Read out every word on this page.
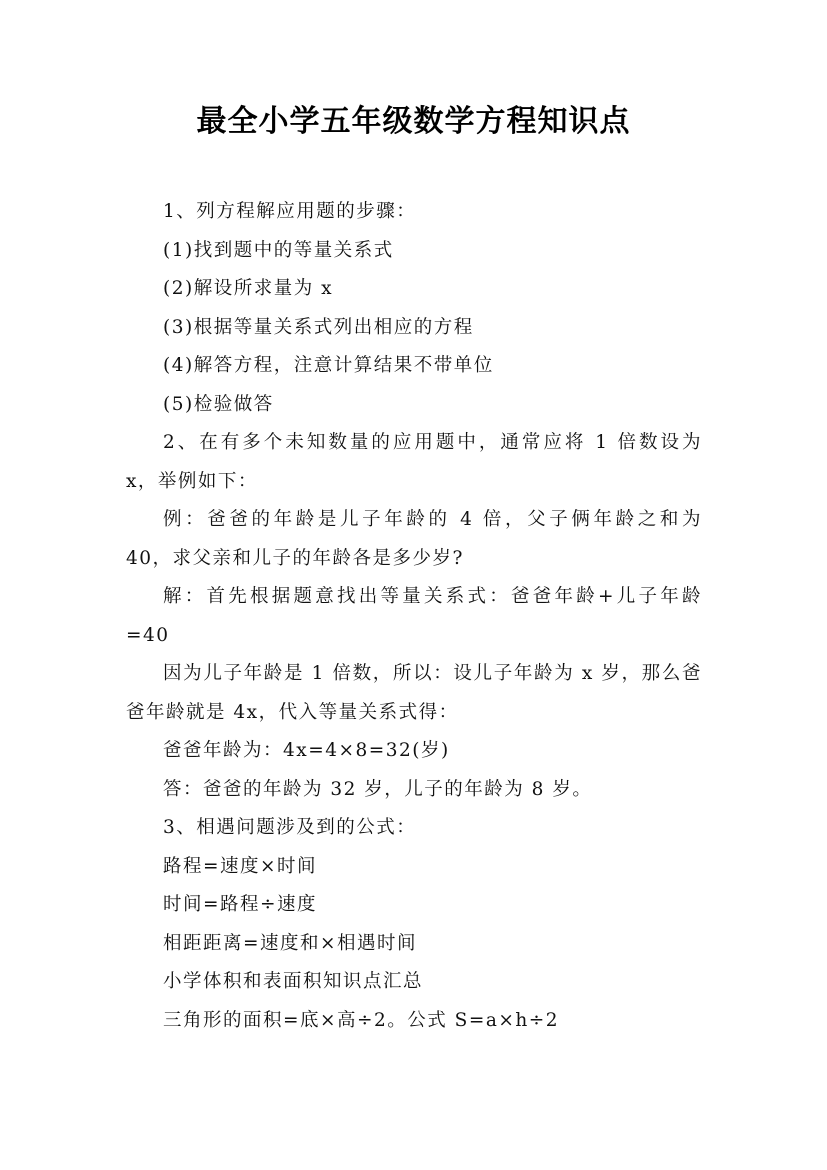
最全小学五年级数学方程知识点

1、列方程解应用题的步骤：

(1)找到题中的等量关系式

(2)解设所求量为 x

(3)根据等量关系式列出相应的方程

(4)解答方程，注意计算结果不带单位

(5)检验做答

2、在有多个未知数量的应用题中，通常应将 1 倍数设为 x，举例如下：

例：爸爸的年龄是儿子年龄的 4 倍，父子俩年龄之和为 40，求父亲和儿子的年龄各是多少岁?

解：首先根据题意找出等量关系式：爸爸年龄+儿子年龄=40

因为儿子年龄是 1 倍数，所以：设儿子年龄为 x 岁，那么爸爸年龄就是 4x，代入等量关系式得：

爸爸年龄为：4x=4×8=32(岁)

答：爸爸的年龄为 32 岁，儿子的年龄为 8 岁。

3、相遇问题涉及到的公式：

路程=速度×时间

时间=路程÷速度

相距距离=速度和×相遇时间

小学体积和表面积知识点汇总

三角形的面积=底×高÷2。公式 S=a×h÷2
